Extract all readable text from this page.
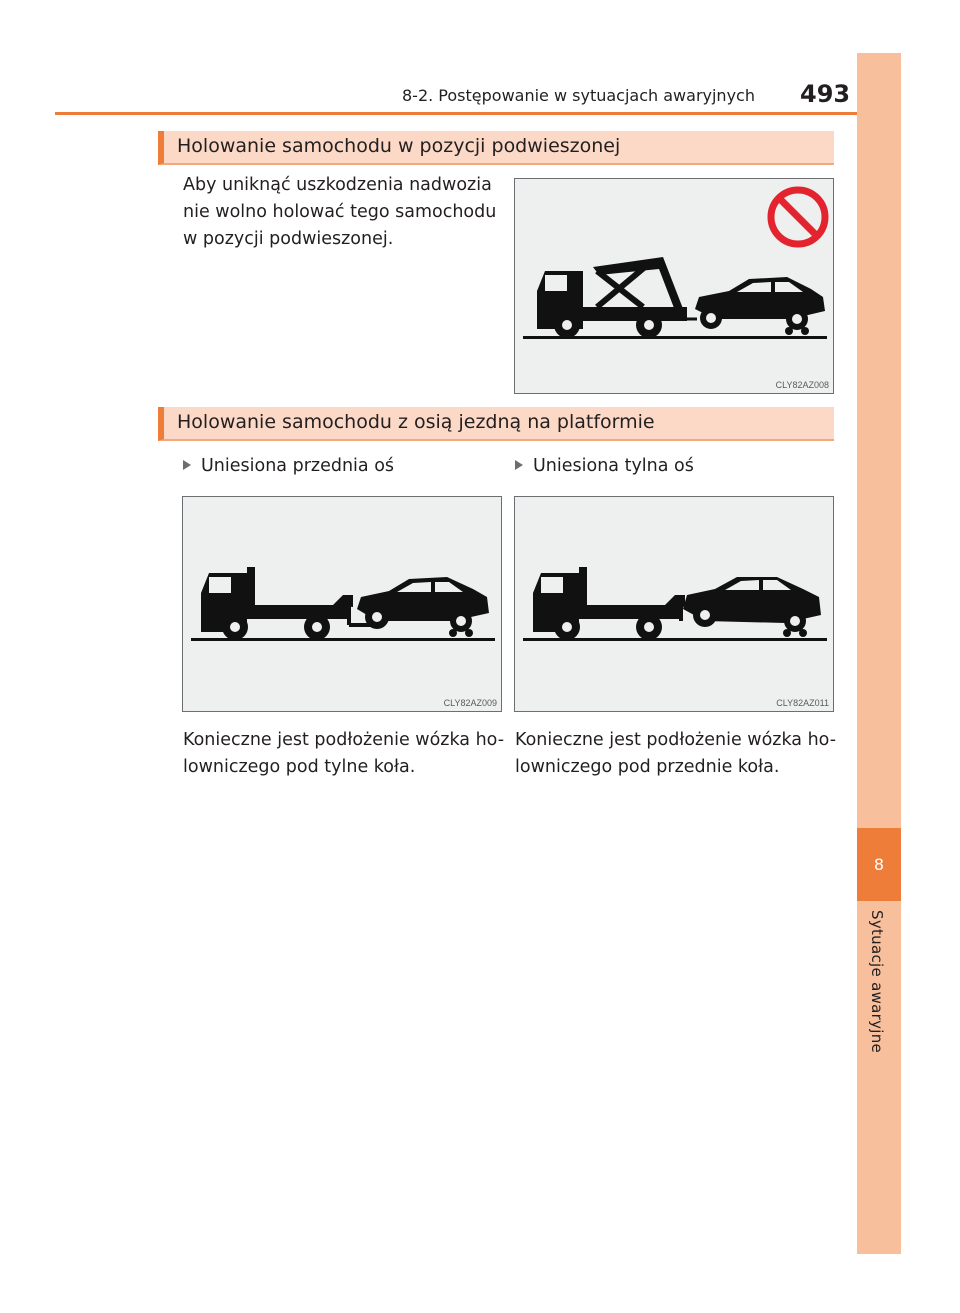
8-2. Postępowanie w sytuacjach awaryjnych 493
8
Sytuacje awaryjne
Holowanie samochodu w pozycji podwieszonej
Aby uniknąć uszkodzenia nadwozia
nie wolno holować tego samochodu
w pozycji podwieszonej.
CLY82AZ008
Holowanie samochodu z osią jezdną na platformie
Uniesiona przednia oś	Uniesiona tylna oś
CLY82AZ009	CLY82AZ011
Konieczne jest podłożenie wózka ho-
lowniczego pod tylne koła.
Konieczne jest podłożenie wózka ho-
lowniczego pod przednie koła.
